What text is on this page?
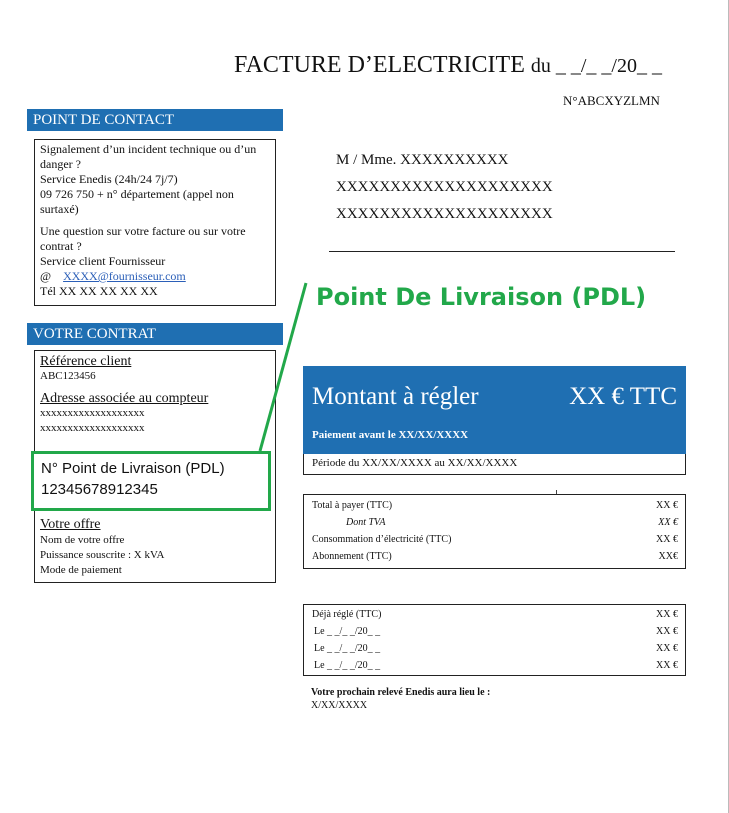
FACTURE D’ELECTRICITE du _ _/_ _/20_ _
N°ABCXYZLMN
POINT DE CONTACT

Signalement d’un incident technique ou d’un danger ?
Service Enedis (24h/24 7j/7)
09 726 750 + n° département (appel non surtaxé)

Une question sur votre facture ou sur votre contrat ?
Service client Fournisseur
@ XXXX@fournisseur.com
Tél XX XX XX XX XX

VOTRE CONTRAT
Référence client
ABC123456
Adresse associée au compteur
xxxxxxxxxxxxxxxxxxx
xxxxxxxxxxxxxxxxxxx
N° Point de Livraison (PDL)
12345678912345
Votre offre
Nom de votre offre
Puissance souscrite : X kVA
Mode de paiement
M / Mme. XXXXXXXXXX
XXXXXXXXXXXXXXXXXXXX
XXXXXXXXXXXXXXXXXXXX
Point De Livraison (PDL)
Montant à régler	XX € TTC
Paiement avant le XX/XX/XXXX
Période du XX/XX/XXXX au XX/XX/XXXX
Total à payer (TTC)	XX €
Dont TVA	XX €
Consommation d’électricité (TTC)	XX €
Abonnement (TTC)	XX€
Déjà réglé (TTC)	XX €
Le _ _/_ _/20_ _	XX €
Le _ _/_ _/20_ _	XX €
Le _ _/_ _/20_ _	XX €
Votre prochain relevé Enedis aura lieu le :
X/XX/XXXX
